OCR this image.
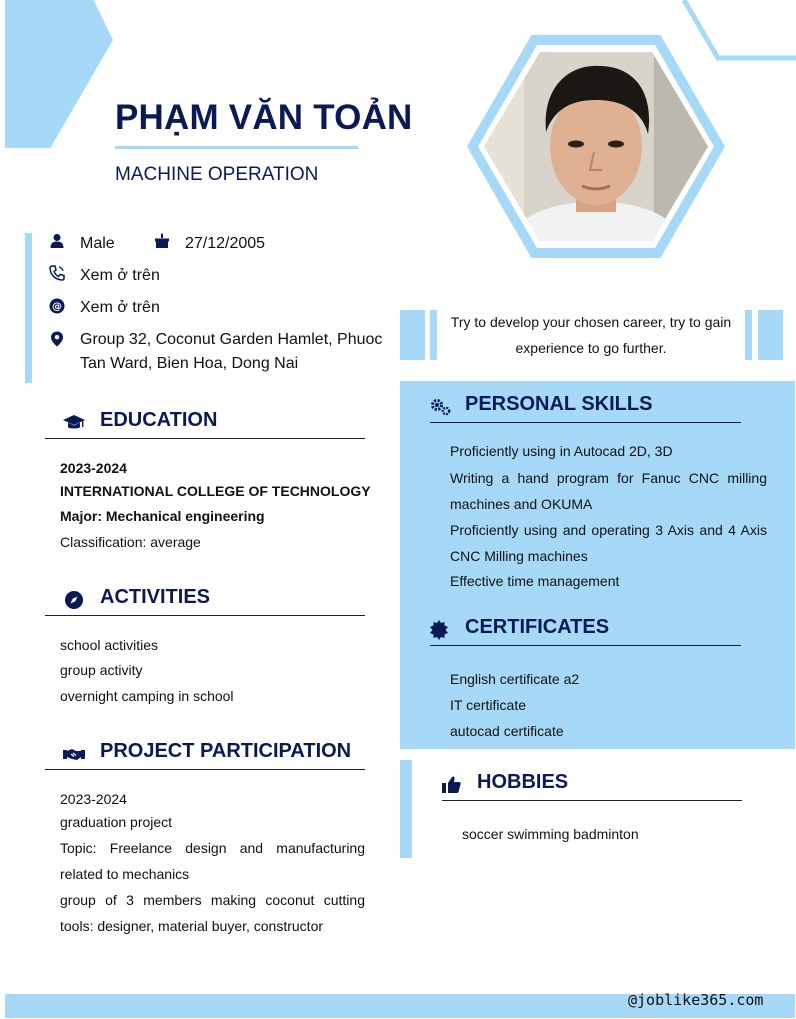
PHẠM VĂN TOẢN
MACHINE OPERATION
Male	27/12/2005
Xem ở trên
@ Xem ở trên
Group 32, Coconut Garden Hamlet, Phuoc Tan Ward, Bien Hoa, Dong Nai
EDUCATION
2023-2024
INTERNATIONAL COLLEGE OF TECHNOLOGY
Major: Mechanical engineering
Classification: average
ACTIVITIES
school activities
group activity
overnight camping in school
PROJECT PARTICIPATION
2023-2024
graduation project
Topic: Freelance design and manufacturing related to mechanics
group of 3 members making coconut cutting tools: designer, material buyer, constructor
Try to develop your chosen career, try to gain experience to go further.
PERSONAL SKILLS
Proficiently using in Autocad 2D, 3D
Writing a hand program for Fanuc CNC milling machines and OKUMA
Proficiently using and operating 3 Axis and 4 Axis CNC Milling machines
Effective time management
CERTIFICATES
English certificate a2
IT certificate
autocad certificate
HOBBIES
soccer swimming badminton
@joblike365.com
